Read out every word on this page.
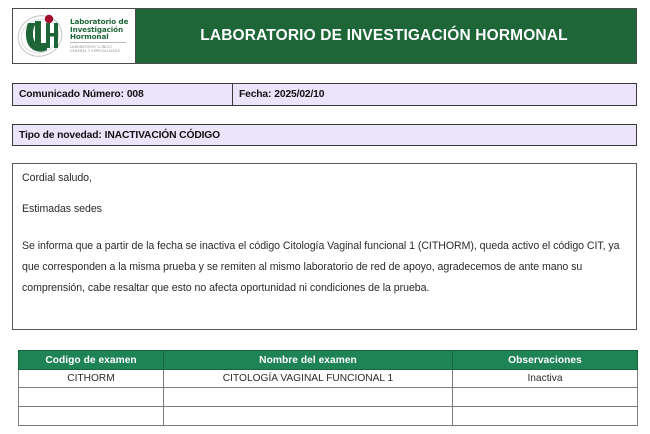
Laboratorio de
Investigación
Hormonal
LABORATORIO CLÍNICO
GENERAL Y ESPECIALIZADO
LABORATORIO DE INVESTIGACIÓN HORMONAL
Comunicado Número: 008	Fecha: 2025/02/10
Tipo de novedad: INACTIVACIÓN CÓDIGO

Cordial saludo,

Estimadas sedes

Se informa que a partir de la fecha se inactiva el código Citología Vaginal funcional 1 (CITHORM), queda activo el código CIT, ya que corresponden a la misma prueba y se remiten al mismo laboratorio de red de apoyo, agradecemos de ante mano su comprensión, cabe resaltar que esto no afecta oportunidad ni condiciones de la prueba.

Codigo de examen	Nombre del examen	Observaciones
CITHORM	CITOLOGÍA VAGINAL FUNCIONAL 1	Inactiva
